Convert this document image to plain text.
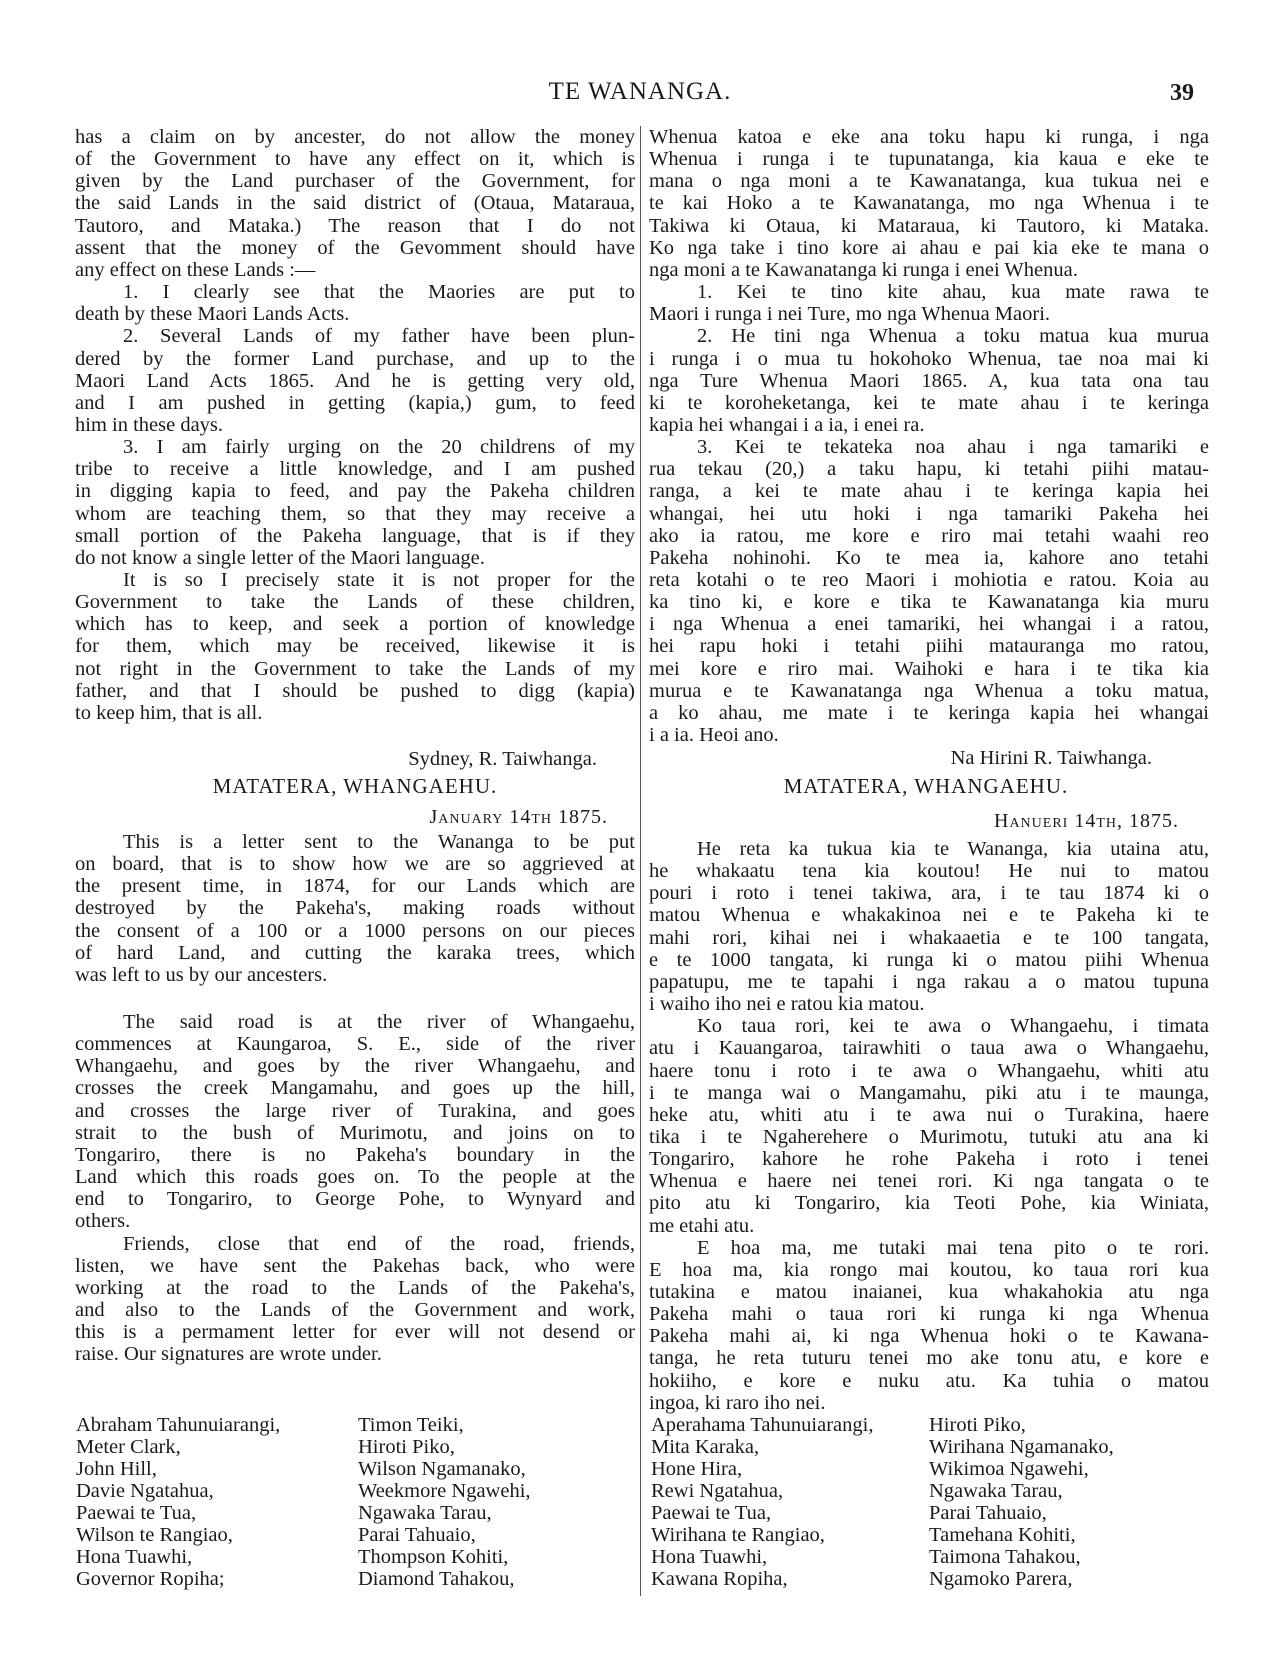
TE WANANGA.	39
Sydney, R. Taiwhanga.
MATATERA, WHANGAEHU.
January 14th 1875.
Na Hirini R. Taiwhanga.
MATATERA, WHANGAEHU.
Hanueri 14th, 1875.
has a claim on by ancester, do not allow the money
of the Government to have any effect on it, which is
given by the Land purchaser of the Government, for
the said Lands in the said district of (Otaua, Mataraua,
Tautoro, and Mataka.) The reason that I do not
assent that the money of the Gevomment should have
any effect on these Lands :—
1. I clearly see that the Maories are put to
death by these Maori Lands Acts.
2. Several Lands of my father have been plun-
dered by the former Land purchase, and up to the
Maori Land Acts 1865. And he is getting very old,
and I am pushed in getting (kapia,) gum, to feed
him in these days.
3. I am fairly urging on the 20 childrens of my
tribe to receive a little knowledge, and I am pushed
in digging kapia to feed, and pay the Pakeha children
whom are teaching them, so that they may receive a
small portion of the Pakeha language, that is if they
do not know a single letter of the Maori language.
It is so I precisely state it is not proper for the
Government to take the Lands of these children,
which has to keep, and seek a portion of knowledge
for them, which may be received, likewise it is
not right in the Government to take the Lands of my
father, and that I should be pushed to digg (kapia)
to keep him, that is all.
This is a letter sent to the Wananga to be put
on board, that is to show how we are so aggrieved at
the present time, in 1874, for our Lands which are
destroyed by the Pakeha's, making roads without
the consent of a 100 or a 1000 persons on our pieces
of hard Land, and cutting the karaka trees, which
was left to us by our ancesters.
The said road is at the river of Whangaehu,
commences at Kaungaroa, S. E., side of the river
Whangaehu, and goes by the river Whangaehu, and
crosses the creek Mangamahu, and goes up the hill,
and crosses the large river of Turakina, and goes
strait to the bush of Murimotu, and joins on to
Tongariro, there is no Pakeha's boundary in the
Land which this roads goes on. To the people at the
end to Tongariro, to George Pohe, to Wynyard and
others.
Friends, close that end of the road, friends,
listen, we have sent the Pakehas back, who were
working at the road to the Lands of the Pakeha's,
and also to the Lands of the Government and work,
this is a permament letter for ever will not desend or
raise. Our signatures are wrote under.
Whenua katoa e eke ana toku hapu ki runga, i nga
Whenua i runga i te tupunatanga, kia kaua e eke te
mana o nga moni a te Kawanatanga, kua tukua nei e
te kai Hoko a te Kawanatanga, mo nga Whenua i te
Takiwa ki Otaua, ki Mataraua, ki Tautoro, ki Mataka.
Ko nga take i tino kore ai ahau e pai kia eke te mana o
nga moni a te Kawanatanga ki runga i enei Whenua.
1. Kei te tino kite ahau, kua mate rawa te
Maori i runga i nei Ture, mo nga Whenua Maori.
2. He tini nga Whenua a toku matua kua murua
i runga i o mua tu hokohoko Whenua, tae noa mai ki
nga Ture Whenua Maori 1865. A, kua tata ona tau
ki te koroheketanga, kei te mate ahau i te keringa
kapia hei whangai i a ia, i enei ra.
3. Kei te tekateka noa ahau i nga tamariki e
rua tekau (20,) a taku hapu, ki tetahi piihi matau-
ranga, a kei te mate ahau i te keringa kapia hei
whangai, hei utu hoki i nga tamariki Pakeha hei
ako ia ratou, me kore e riro mai tetahi waahi reo
Pakeha nohinohi. Ko te mea ia, kahore ano tetahi
reta kotahi o te reo Maori i mohiotia e ratou. Koia au
ka tino ki, e kore e tika te Kawanatanga kia muru
i nga Whenua a enei tamariki, hei whangai i a ratou,
hei rapu hoki i tetahi piihi matauranga mo ratou,
mei kore e riro mai. Waihoki e hara i te tika kia
murua e te Kawanatanga nga Whenua a toku matua,
a ko ahau, me mate i te keringa kapia hei whangai
i a ia. Heoi ano.
He reta ka tukua kia te Wananga, kia utaina atu,
he whakaatu tena kia koutou! He nui to matou
pouri i roto i tenei takiwa, ara, i te tau 1874 ki o
matou Whenua e whakakinoa nei e te Pakeha ki te
mahi rori, kihai nei i whakaaetia e te 100 tangata,
e te 1000 tangata, ki runga ki o matou piihi Whenua
papatupu, me te tapahi i nga rakau a o matou tupuna
i waiho iho nei e ratou kia matou.
Ko taua rori, kei te awa o Whangaehu, i timata
atu i Kauangaroa, tairawhiti o taua awa o Whangaehu,
haere tonu i roto i te awa o Whangaehu, whiti atu
i te manga wai o Mangamahu, piki atu i te maunga,
heke atu, whiti atu i te awa nui o Turakina, haere
tika i te Ngaherehere o Murimotu, tutuki atu ana ki
Tongariro, kahore he rohe Pakeha i roto i tenei
Whenua e haere nei tenei rori. Ki nga tangata o te
pito atu ki Tongariro, kia Teoti Pohe, kia Winiata,
me etahi atu.
E hoa ma, me tutaki mai tena pito o te rori.
E hoa ma, kia rongo mai koutou, ko taua rori kua
tutakina e matou inaianei, kua whakahokia atu nga
Pakeha mahi o taua rori ki runga ki nga Whenua
Pakeha mahi ai, ki nga Whenua hoki o te Kawana-
tanga, he reta tuturu tenei mo ake tonu atu, e kore e
hokiiho, e kore e nuku atu. Ka tuhia o matou
ingoa, ki raro iho nei.
Abraham Tahunuiarangi,
Meter Clark,
John Hill,
Davie Ngatahua,
Paewai te Tua,
Wilson te Rangiao,
Hona Tuawhi,
Governor Ropiha;
Timon Teiki,
Hiroti Piko,
Wilson Ngamanako,
Weekmore Ngawehi,
Ngawaka Tarau,
Parai Tahuaio,
Thompson Kohiti,
Diamond Tahakou,
Aperahama Tahunuiarangi,
Mita Karaka,
Hone Hira,
Rewi Ngatahua,
Paewai te Tua,
Wirihana te Rangiao,
Hona Tuawhi,
Kawana Ropiha,
Hiroti Piko,
Wirihana Ngamanako,
Wikimoa Ngawehi,
Ngawaka Tarau,
Parai Tahuaio,
Tamehana Kohiti,
Taimona Tahakou,
Ngamoko Parera,
